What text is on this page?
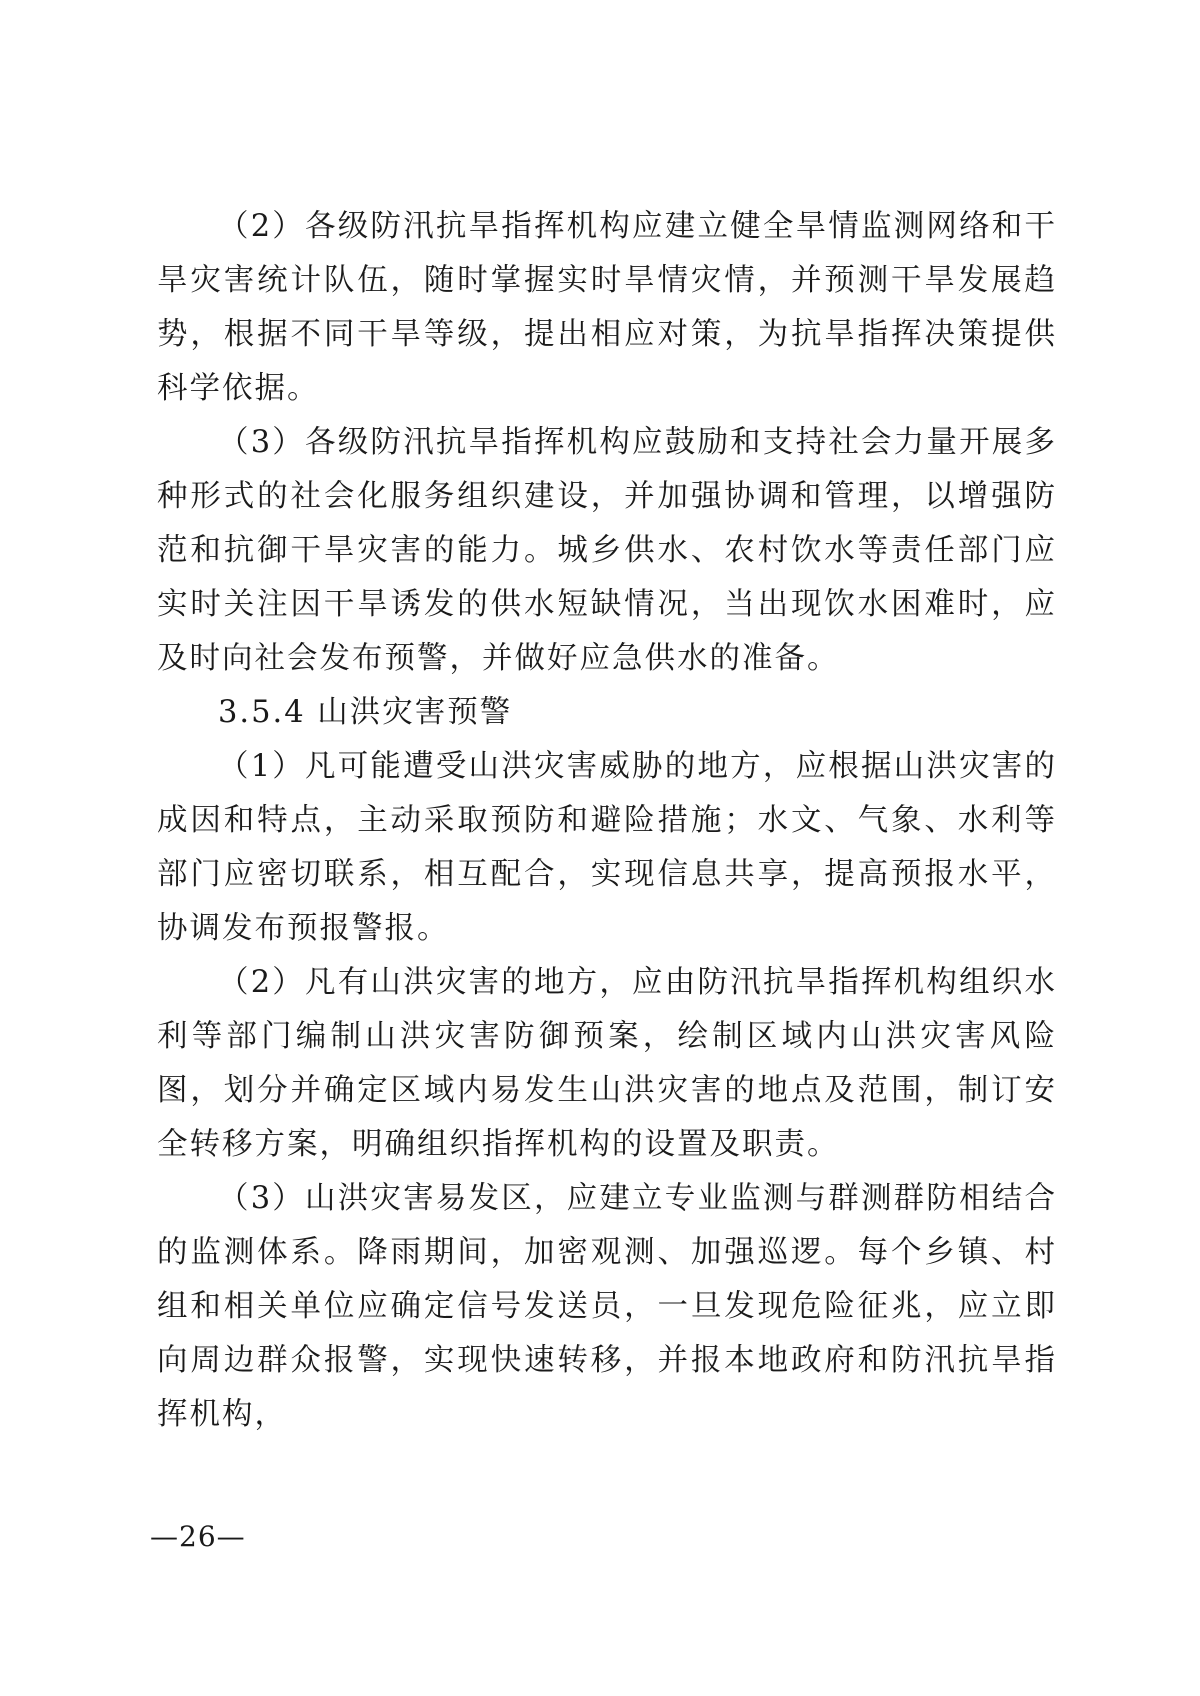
（2）各级防汛抗旱指挥机构应建立健全旱情监测网络和干旱灾害统计队伍，随时掌握实时旱情灾情，并预测干旱发展趋势，根据不同干旱等级，提出相应对策，为抗旱指挥决策提供科学依据。

（3）各级防汛抗旱指挥机构应鼓励和支持社会力量开展多种形式的社会化服务组织建设，并加强协调和管理，以增强防范和抗御干旱灾害的能力。城乡供水、农村饮水等责任部门应实时关注因干旱诱发的供水短缺情况，当出现饮水困难时，应及时向社会发布预警，并做好应急供水的准备。

3.5.4 山洪灾害预警

（1）凡可能遭受山洪灾害威胁的地方，应根据山洪灾害的成因和特点，主动采取预防和避险措施；水文、气象、水利等部门应密切联系，相互配合，实现信息共享，提高预报水平，协调发布预报警报。

（2）凡有山洪灾害的地方，应由防汛抗旱指挥机构组织水利等部门编制山洪灾害防御预案，绘制区域内山洪灾害风险图，划分并确定区域内易发生山洪灾害的地点及范围，制订安全转移方案，明确组织指挥机构的设置及职责。

（3）山洪灾害易发区，应建立专业监测与群测群防相结合的监测体系。降雨期间，加密观测、加强巡逻。每个乡镇、村组和相关单位应确定信号发送员，一旦发现危险征兆，应立即向周边群众报警，实现快速转移，并报本地政府和防汛抗旱指挥机构，

—26—
